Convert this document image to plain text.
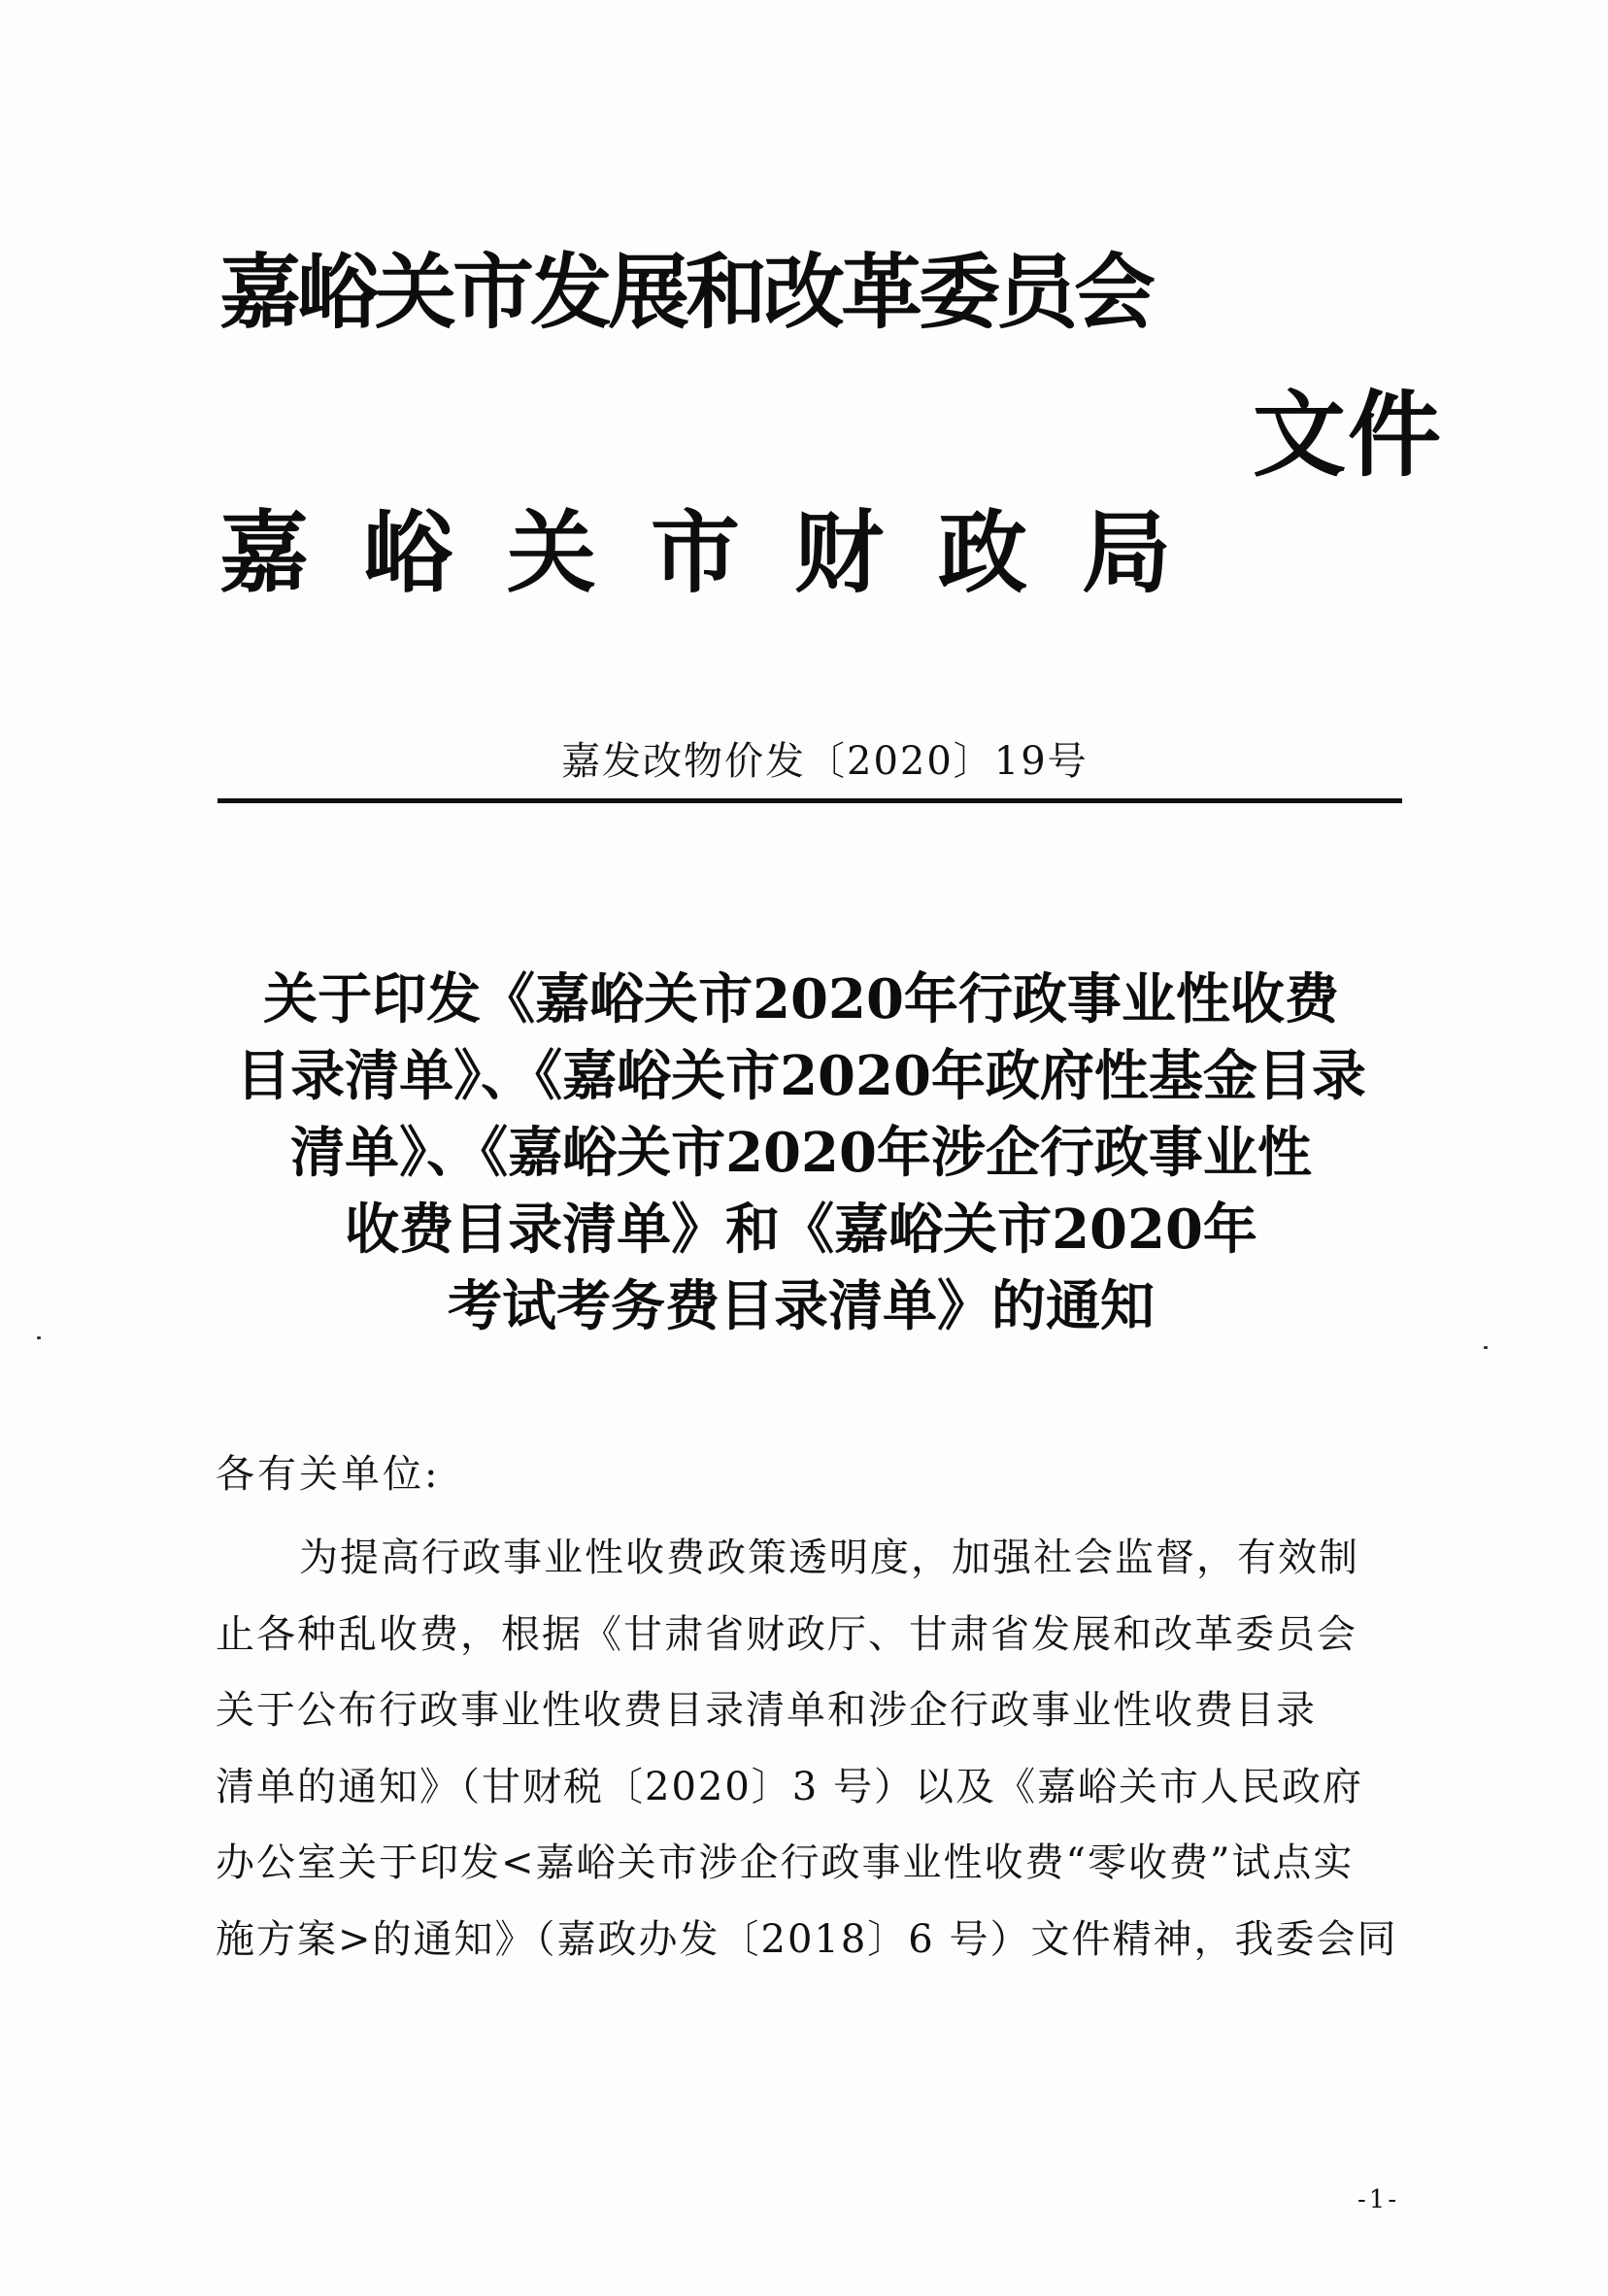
嘉峪关市发展和改革委员会
嘉峪关市财政局
文件
嘉发改物价发〔2020〕19号
关于印发《嘉峪关市2020年行政事业性收费
目录清单》、《嘉峪关市2020年政府性基金目录
清单》、《嘉峪关市2020年涉企行政事业性
收费目录清单》和《嘉峪关市2020年
考试考务费目录清单》的通知
各有关单位:
为提高行政事业性收费政策透明度，加强社会监督，有效制
止各种乱收费，根据《甘肃省财政厅、甘肃省发展和改革委员会
关于公布行政事业性收费目录清单和涉企行政事业性收费目录
清单的通知》（甘财税〔2020〕3 号）以及《嘉峪关市人民政府
办公室关于印发<嘉峪关市涉企行政事业性收费“零收费”试点实
施方案>的通知》（嘉政办发〔2018〕6 号）文件精神，我委会同
-1-
